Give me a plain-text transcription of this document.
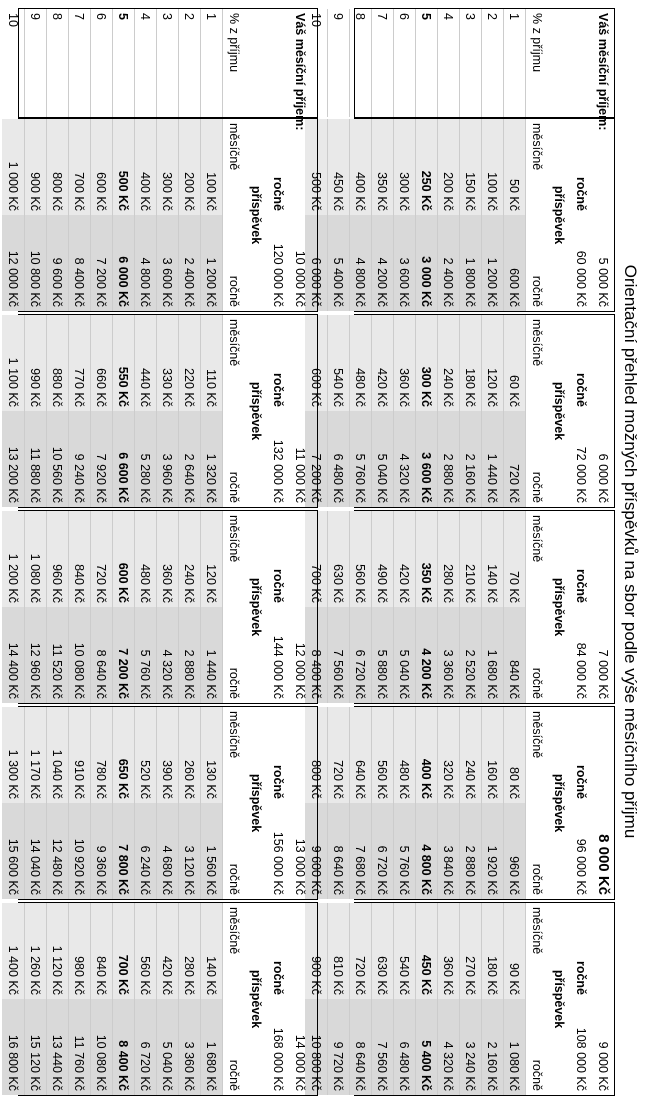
Orientační přehled možných příspěvků na sbor podle výše měsíčního příjmu
Váš měsíční příjem:
% z příjmu
1
2
3
4
5
6
7
8
9
10
5 000 Kč
ročně
60 000 Kč
příspěvek
měsíčně
ročně
50 Kč
600 Kč
100 Kč
1 200 Kč
150 Kč
1 800 Kč
200 Kč
2 400 Kč
250 Kč
3 000 Kč
300 Kč
3 600 Kč
350 Kč
4 200 Kč
400 Kč
4 800 Kč
450 Kč
5 400 Kč
500 Kč
6 000 Kč
6 000 Kč
ročně
72 000 Kč
příspěvek
měsíčně
ročně
60 Kč
720 Kč
120 Kč
1 440 Kč
180 Kč
2 160 Kč
240 Kč
2 880 Kč
300 Kč
3 600 Kč
360 Kč
4 320 Kč
420 Kč
5 040 Kč
480 Kč
5 760 Kč
540 Kč
6 480 Kč
600 Kč
7 200 Kč
7 000 Kč
ročně
84 000 Kč
příspěvek
měsíčně
ročně
70 Kč
840 Kč
140 Kč
1 680 Kč
210 Kč
2 520 Kč
280 Kč
3 360 Kč
350 Kč
4 200 Kč
420 Kč
5 040 Kč
490 Kč
5 880 Kč
560 Kč
6 720 Kč
630 Kč
7 560 Kč
700 Kč
8 400 Kč
8 000 Kč
ročně
96 000 Kč
příspěvek
měsíčně
ročně
80 Kč
960 Kč
160 Kč
1 920 Kč
240 Kč
2 880 Kč
320 Kč
3 840 Kč
400 Kč
4 800 Kč
480 Kč
5 760 Kč
560 Kč
6 720 Kč
640 Kč
7 680 Kč
720 Kč
8 640 Kč
800 Kč
9 600 Kč
9 000 Kč
ročně
108 000 Kč
příspěvek
měsíčně
ročně
90 Kč
1 080 Kč
180 Kč
2 160 Kč
270 Kč
3 240 Kč
360 Kč
4 320 Kč
450 Kč
5 400 Kč
540 Kč
6 480 Kč
630 Kč
7 560 Kč
720 Kč
8 640 Kč
810 Kč
9 720 Kč
900 Kč
10 800 Kč
Váš měsíční příjem:
% z příjmu
1
2
3
4
5
6
7
8
9
10
10 000 Kč
ročně
120 000 Kč
příspěvek
měsíčně
ročně
100 Kč
1 200 Kč
200 Kč
2 400 Kč
300 Kč
3 600 Kč
400 Kč
4 800 Kč
500 Kč
6 000 Kč
600 Kč
7 200 Kč
700 Kč
8 400 Kč
800 Kč
9 600 Kč
900 Kč
10 800 Kč
1 000 Kč
12 000 Kč
11 000 Kč
ročně
132 000 Kč
příspěvek
měsíčně
ročně
110 Kč
1 320 Kč
220 Kč
2 640 Kč
330 Kč
3 960 Kč
440 Kč
5 280 Kč
550 Kč
6 600 Kč
660 Kč
7 920 Kč
770 Kč
9 240 Kč
880 Kč
10 560 Kč
990 Kč
11 880 Kč
1 100 Kč
13 200 Kč
12 000 Kč
ročně
144 000 Kč
příspěvek
měsíčně
ročně
120 Kč
1 440 Kč
240 Kč
2 880 Kč
360 Kč
4 320 Kč
480 Kč
5 760 Kč
600 Kč
7 200 Kč
720 Kč
8 640 Kč
840 Kč
10 080 Kč
960 Kč
11 520 Kč
1 080 Kč
12 960 Kč
1 200 Kč
14 400 Kč
13 000 Kč
ročně
156 000 Kč
příspěvek
měsíčně
ročně
130 Kč
1 560 Kč
260 Kč
3 120 Kč
390 Kč
4 680 Kč
520 Kč
6 240 Kč
650 Kč
7 800 Kč
780 Kč
9 360 Kč
910 Kč
10 920 Kč
1 040 Kč
12 480 Kč
1 170 Kč
14 040 Kč
1 300 Kč
15 600 Kč
14 000 Kč
ročně
168 000 Kč
příspěvek
měsíčně
ročně
140 Kč
1 680 Kč
280 Kč
3 360 Kč
420 Kč
5 040 Kč
560 Kč
6 720 Kč
700 Kč
8 400 Kč
840 Kč
10 080 Kč
980 Kč
11 760 Kč
1 120 Kč
13 440 Kč
1 260 Kč
15 120 Kč
1 400 Kč
16 800 Kč
